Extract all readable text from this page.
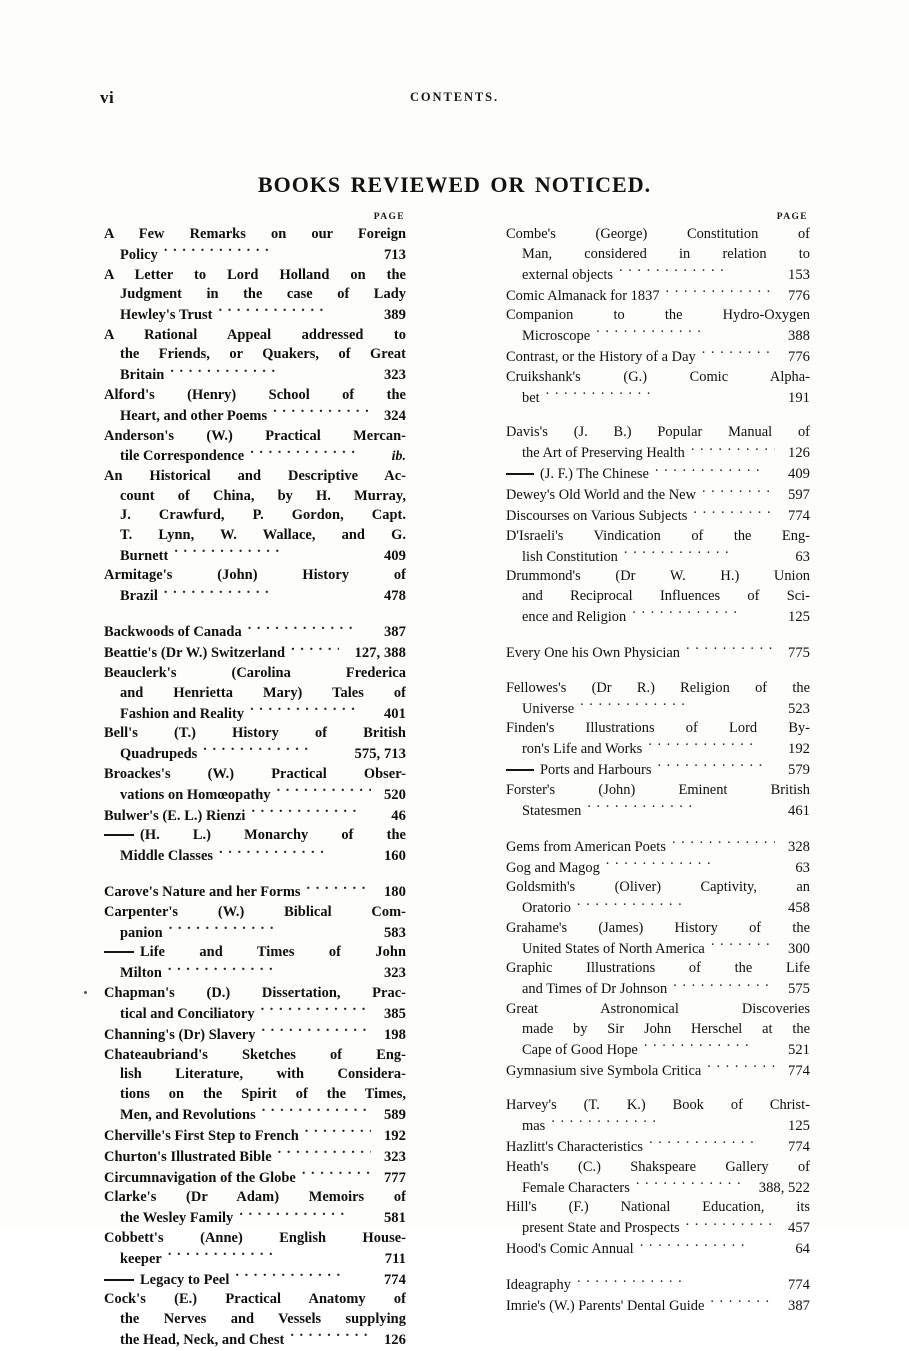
vi	CONTENTS.
BOOKS REVIEWED OR NOTICED.
PAGE
A Few Remarks on our Foreign
Policy .	713
A Letter to Lord Holland on the
Judgment in the case of Lady
Hewley's Trust .	389
A Rational Appeal addressed to
the Friends, or Quakers, of Great
Britain .	323
Alford's (Henry) School of the
Heart, and other Poems .	324
Anderson's (W.) Practical Mercan-
tile Correspondence .	ib.
An Historical and Descriptive Ac-
count of China, by H. Murray,
J. Crawfurd, P. Gordon, Capt.
T. Lynn, W. Wallace, and G.
Burnett .	409
Armitage's (John) History of
Brazil .	478
Backwoods of Canada .	387
Beattie's (Dr W.) Switzerland .	127, 388
Beauclerk's (Carolina Frederica
and Henrietta Mary) Tales of
Fashion and Reality .	401
Bell's (T.) History of British
Quadrupeds .	575, 713
Broackes's (W.) Practical Obser-
vations on Homœopathy .	520
Bulwer's (E. L.) Rienzi .	46
(H. L.) Monarchy of the
Middle Classes .	160
Carove's Nature and her Forms .	180
Carpenter's (W.) Biblical Com-
panion .	583
Life and Times of John
Milton .	323
Chapman's (D.) Dissertation, Prac-
tical and Conciliatory .	385
Channing's (Dr) Slavery .	198
Chateaubriand's Sketches of Eng-
lish Literature, with Considera-
tions on the Spirit of the Times,
Men, and Revolutions .	589
Cherville's First Step to French .	192
Churton's Illustrated Bible .	323
Circumnavigation of the Globe .	777
Clarke's (Dr Adam) Memoirs of
the Wesley Family .	581
Cobbett's (Anne) English House-
keeper .	711
Legacy to Peel .	774
Cock's (E.) Practical Anatomy of
the Nerves and Vessels supplying
the Head, Neck, and Chest .	126
PAGE
Combe's (George) Constitution of
Man, considered in relation to
external objects .	153
Comic Almanack for 1837 .	776
Companion to the Hydro-Oxygen
Microscope .	388
Contrast, or the History of a Day .	776
Cruikshank's (G.) Comic Alpha-
bet .	191
Davis's (J. B.) Popular Manual of
the Art of Preserving Health .	126
(J. F.) The Chinese .	409
Dewey's Old World and the New .	597
Discourses on Various Subjects .	774
D'Israeli's Vindication of the Eng-
lish Constitution .	63
Drummond's (Dr W. H.) Union
and Reciprocal Influences of Sci-
ence and Religion .	125
Every One his Own Physician .	775
Fellowes's (Dr R.) Religion of the
Universe .	523
Finden's Illustrations of Lord By-
ron's Life and Works .	192
Ports and Harbours .	579
Forster's (John) Eminent British
Statesmen .	461
Gems from American Poets .	328
Gog and Magog .	63
Goldsmith's (Oliver) Captivity, an
Oratorio .	458
Grahame's (James) History of the
United States of North America .	300
Graphic Illustrations of the Life
and Times of Dr Johnson .	575
Great Astronomical Discoveries
made by Sir John Herschel at the
Cape of Good Hope .	521
Gymnasium sive Symbola Critica .	774
Harvey's (T. K.) Book of Christ-
mas .	125
Hazlitt's Characteristics .	774
Heath's (C.) Shakspeare Gallery of
Female Characters .	388, 522
Hill's (F.) National Education, its
present State and Prospects .	457
Hood's Comic Annual .	64
Ideagraphy .	774
Imrie's (W.) Parents' Dental Guide .	387
